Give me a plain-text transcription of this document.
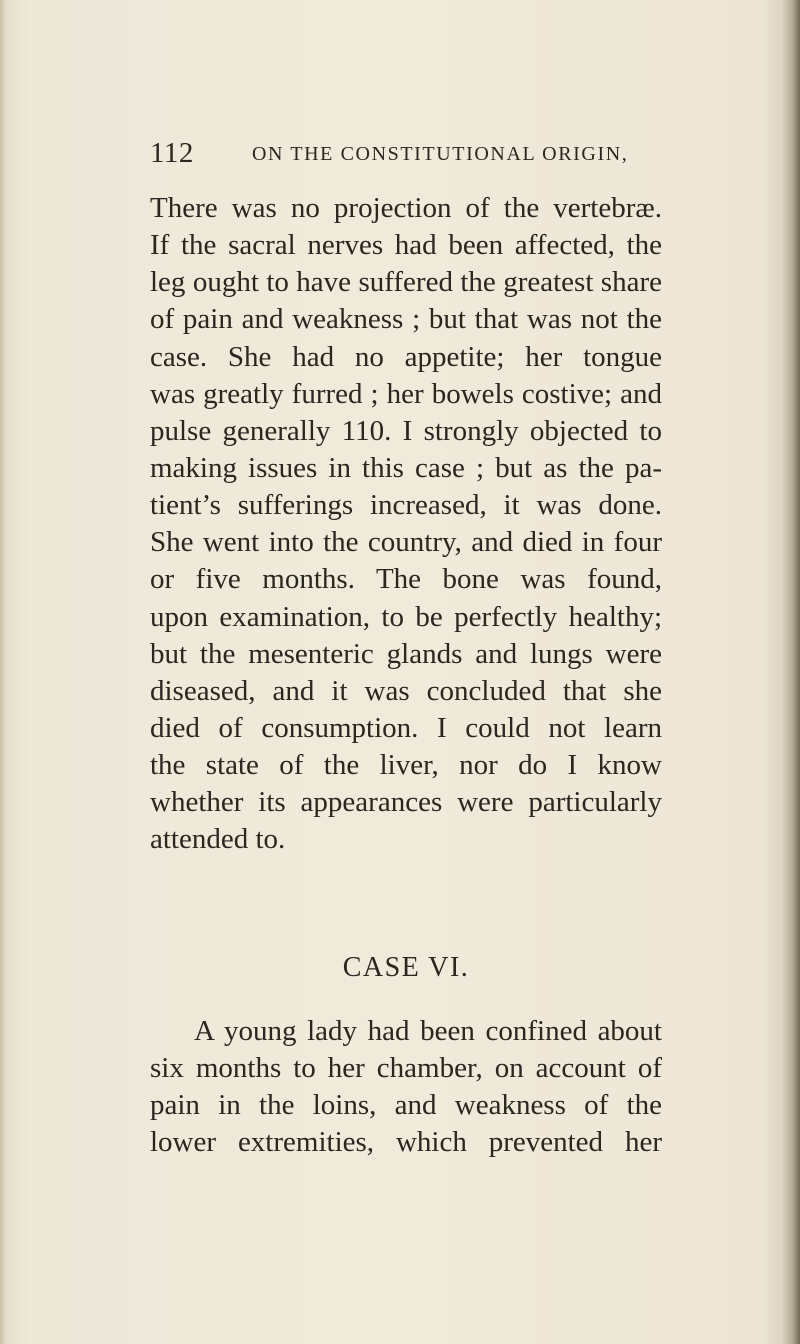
112	ON THE CONSTITUTIONAL ORIGIN,
There was no projection of the vertebræ.
If the sacral nerves had been affected, the
leg ought to have suffered the greatest share
of pain and weakness ; but that was not the
case. She had no appetite; her tongue
was greatly furred ; her bowels costive; and
pulse generally 110. I strongly objected to
making issues in this case ; but as the pa-
tient’s sufferings increased, it was done.
She went into the country, and died in four
or five months. The bone was found,
upon examination, to be perfectly healthy;
but the mesenteric glands and lungs were
diseased, and it was concluded that she
died of consumption. I could not learn
the state of the liver, nor do I know
whether its appearances were particularly
attended to.
CASE VI.
A young lady had been confined about
six months to her chamber, on account of
pain in the loins, and weakness of the
lower extremities, which prevented her
